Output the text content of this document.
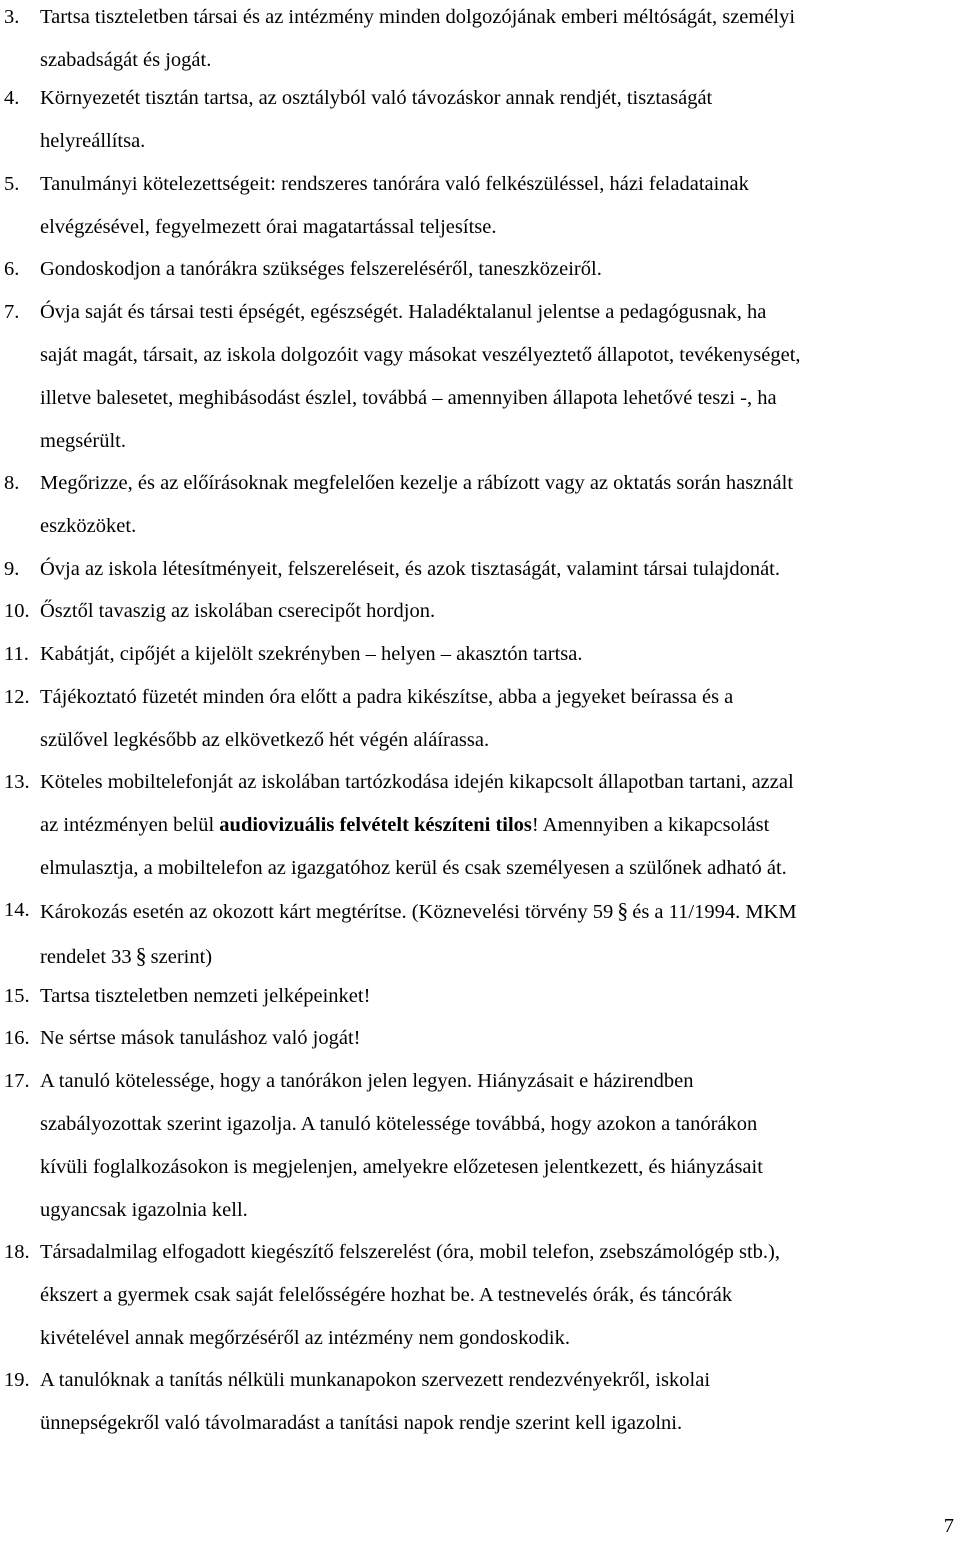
3. Tartsa tiszteletben társai és az intézmény minden dolgozójának emberi méltóságát, személyi
szabadságát és jogát.
4. Környezetét tisztán tartsa, az osztályból való távozáskor annak rendjét, tisztaságát
helyreállítsa.
5. Tanulmányi kötelezettségeit: rendszeres tanórára való felkészüléssel, házi feladatainak
elvégzésével, fegyelmezett órai magatartással teljesítse.
6. Gondoskodjon a tanórákra szükséges felszereléséről, taneszközeiről.
7. Óvja saját és társai testi épségét, egészségét. Haladéktalanul jelentse a pedagógusnak, ha
saját magát, társait, az iskola dolgozóit vagy másokat veszélyeztető állapotot, tevékenységet,
illetve balesetet, meghibásodást észlel, továbbá – amennyiben állapota lehetővé teszi -, ha
megsérült.
8. Megőrizze, és az előírásoknak megfelelően kezelje a rábízott vagy az oktatás során használt
eszközöket.
9. Óvja az iskola létesítményeit, felszereléseit, és azok tisztaságát, valamint társai tulajdonát.
10. Ősztől tavaszig az iskolában cserecipőt hordjon.
11. Kabátját, cipőjét a kijelölt szekrényben – helyen – akasztón tartsa.
12. Tájékoztató füzetét minden óra előtt a padra kikészítse, abba a jegyeket beírassa és a
szülővel legkésőbb az elkövetkező hét végén aláírassa.
13. Köteles mobiltelefonját az iskolában tartózkodása idején kikapcsolt állapotban tartani, azzal
az intézményen belül audiovizuális felvételt készíteni tilos! Amennyiben a kikapcsolást
elmulasztja, a mobiltelefon az igazgatóhoz kerül és csak személyesen a szülőnek adható át.
14. Károkozás esetén az okozott kárt megtérítse. (Köznevelési törvény 59 § és a 11/1994. MKM
rendelet 33 § szerint)
15. Tartsa tiszteletben nemzeti jelképeinket!
16. Ne sértse mások tanuláshoz való jogát!
17. A tanuló kötelessége, hogy a tanórákon jelen legyen. Hiányzásait e házirendben
szabályozottak szerint igazolja. A tanuló kötelessége továbbá, hogy azokon a tanórákon
kívüli foglalkozásokon is megjelenjen, amelyekre előzetesen jelentkezett, és hiányzásait
ugyancsak igazolnia kell.
18. Társadalmilag elfogadott kiegészítő felszerelést (óra, mobil telefon, zsebszámológép stb.),
ékszert a gyermek csak saját felelősségére hozhat be. A testnevelés órák, és táncórák
kivételével annak megőrzéséről az intézmény nem gondoskodik.
19. A tanulóknak a tanítás nélküli munkanapokon szervezett rendezvényekről, iskolai
ünnepségekről való távolmaradást a tanítási napok rendje szerint kell igazolni.
7
